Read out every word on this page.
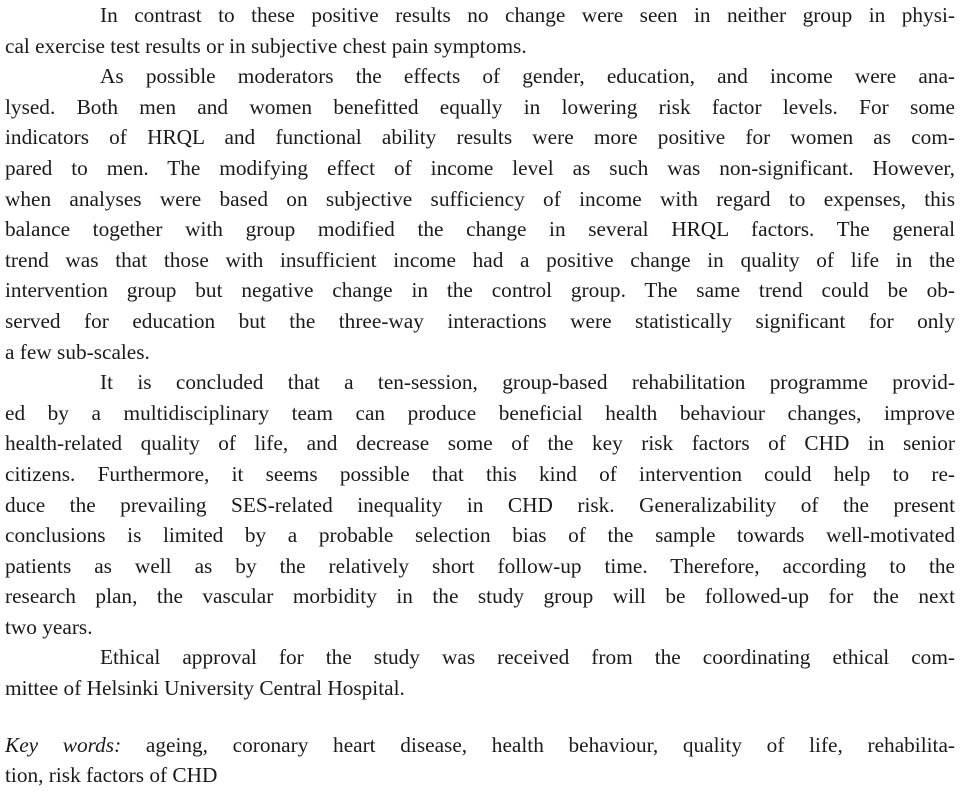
In contrast to these positive results no change were seen in neither group in physi-
cal exercise test results or in subjective chest pain symptoms.
As possible moderators the effects of gender, education, and income were ana-
lysed. Both men and women benefitted equally in lowering risk factor levels. For some
indicators of HRQL and functional ability results were more positive for women as com-
pared to men. The modifying effect of income level as such was non-significant. However,
when analyses were based on subjective sufficiency of income with regard to expenses, this
balance together with group modified the change in several HRQL factors. The general
trend was that those with insufficient income had a positive change in quality of life in the
intervention group but negative change in the control group. The same trend could be ob-
served for education but the three-way interactions were statistically significant for only
a few sub-scales.
It is concluded that a ten-session, group-based rehabilitation programme provid-
ed by a multidisciplinary team can produce beneficial health behaviour changes, improve
health-related quality of life, and decrease some of the key risk factors of CHD in senior
citizens. Furthermore, it seems possible that this kind of intervention could help to re-
duce the prevailing SES-related inequality in CHD risk. Generalizability of the present
conclusions is limited by a probable selection bias of the sample towards well-motivated
patients as well as by the relatively short follow-up time. Therefore, according to the
research plan, the vascular morbidity in the study group will be followed-up for the next
two years.
Ethical approval for the study was received from the coordinating ethical com-
mittee of Helsinki University Central Hospital.
Key words: ageing, coronary heart disease, health behaviour, quality of life, rehabilita-
tion, risk factors of CHD
